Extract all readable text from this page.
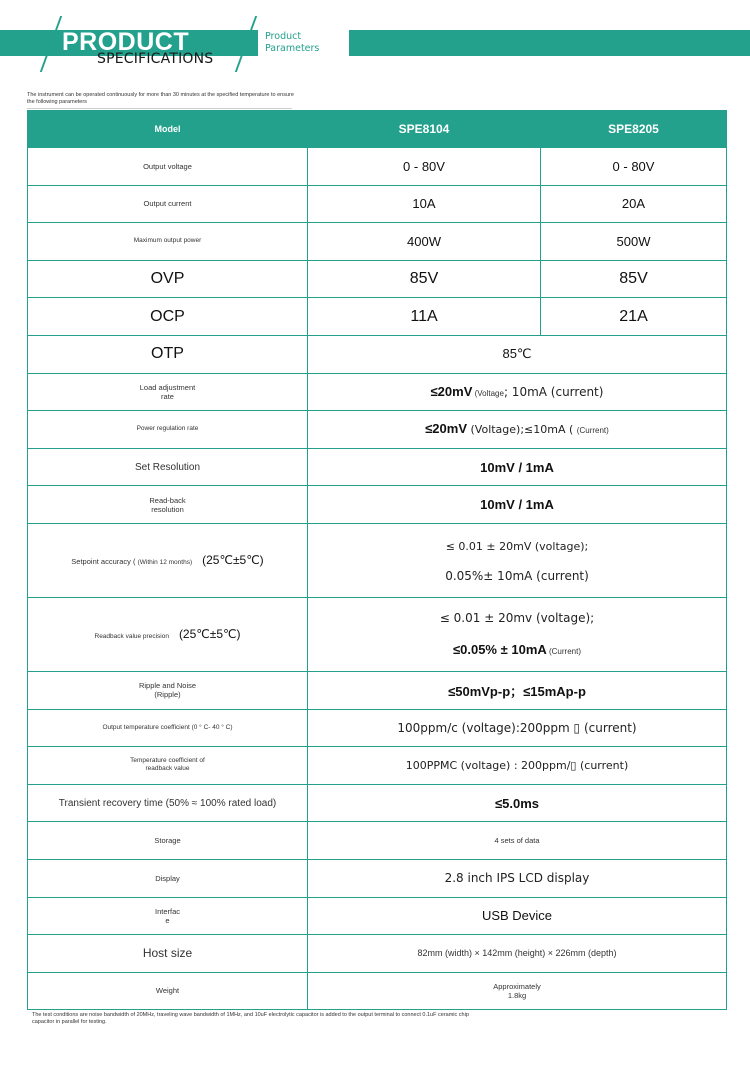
PRODUCT
SPECIFICATIONS
Product
Parameters
The instrument can be operated continuously for more than 30 minutes at the specified temperature to ensure the following parameters
Model	SPE8104	SPE8205
Output voltage	0 - 80V	0 - 80V
Output current	10A	20A
Maximum output power	400W	500W
OVP	85V	85V
OCP	11A	21A
OTP	85℃	

Load adjustment
rate	≤20mV (Voltage; 10mA (current)	
Power regulation rate	≤20mV (Voltage);≤10mA ( (Current)	
Set Resolution	10mV / 1mA	

Read-back
resolution	10mV / 1mA	
Setpoint accuracy ( (Within 12 months) (25℃±5℃)	≤ 0.01 ± 20mV (voltage);
0.05%± 10mA (current)	

Readback value precision (25℃±5℃)	≤ 0.01 ± 20mv (voltage);
≤0.05% ± 10mA (Current)	

Ripple and Noise
(Ripple)	≤50mVp-p；≤15mAp-p	
Output temperature coefficient (0 ° C- 40 ° C)	100ppm/c (voltage):200ppm ▯ (current)	

Temperature coefficient of
readback value	100PPMC (voltage) : 200ppm/▯ (current)	
Transient recovery time (50% ≈ 100% rated load)	≤5.0ms	
Storage	4 sets of data	
Display	2.8 inch IPS LCD display	

Interfac
e	USB Device	
Host size	82mm (width) × 142mm (height) × 226mm (depth)	
Weight	Approximately
1.8kg	
The test conditions are noise bandwidth of 20MHz, traveling wave bandwidth of 1MHz, and 10uF electrolytic capacitor is added to the output terminal to connect 0.1uF ceramic chip capacitor in parallel for testing.
